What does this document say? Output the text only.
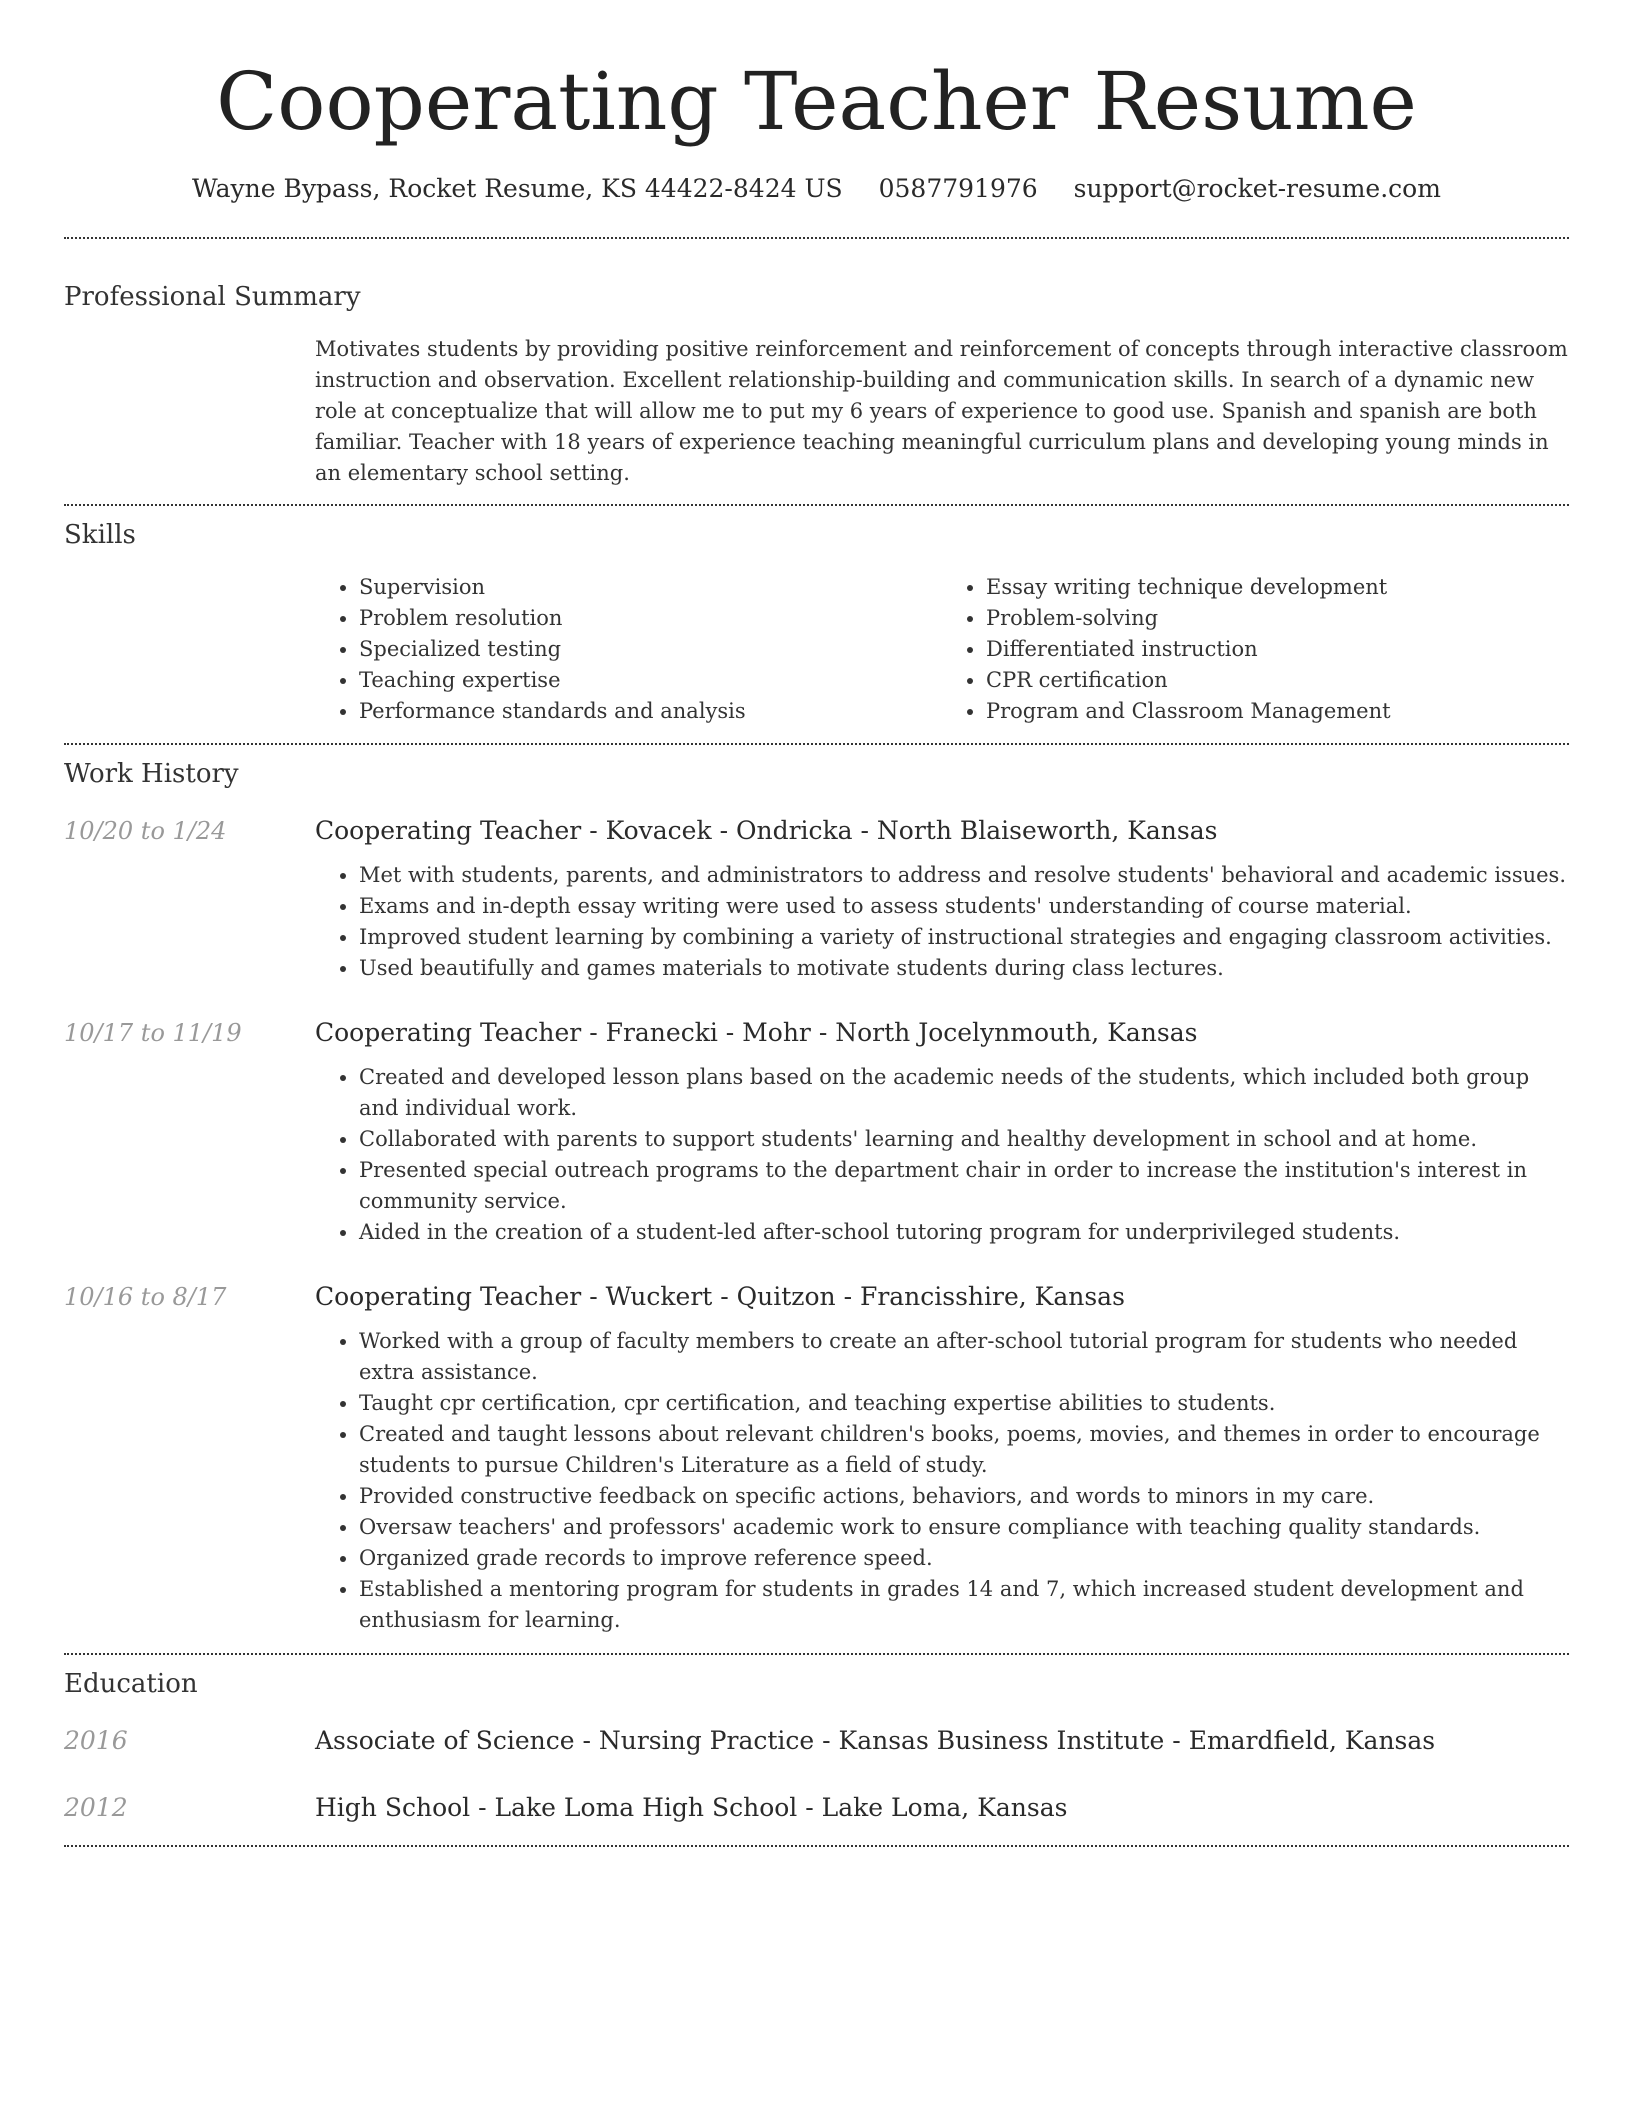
Cooperating Teacher Resume
Wayne Bypass, Rocket Resume, KS 44422-8424 US 0587791976 support@rocket-resume.com
Professional Summary
Motivates students by providing positive reinforcement and reinforcement of concepts through interactive classroom instruction and observation. Excellent relationship-building and communication skills. In search of a dynamic new role at conceptualize that will allow me to put my 6 years of experience to good use. Spanish and spanish are both familiar. Teacher with 18 years of experience teaching meaningful curriculum plans and developing young minds in an elementary school setting.
Skills
• Supervision
• Problem resolution
• Specialized testing
• Teaching expertise
• Performance standards and analysis
• Essay writing technique development
• Problem-solving
• Differentiated instruction
• CPR certification
• Program and Classroom Management
Work History
10/20 to 1/24	Cooperating Teacher - Kovacek - Ondricka - North Blaiseworth, Kansas
• Met with students, parents, and administrators to address and resolve students' behavioral and academic issues.
• Exams and in-depth essay writing were used to assess students' understanding of course material.
• Improved student learning by combining a variety of instructional strategies and engaging classroom activities.
• Used beautifully and games materials to motivate students during class lectures.
10/17 to 11/19	Cooperating Teacher - Franecki - Mohr - North Jocelynmouth, Kansas
• Created and developed lesson plans based on the academic needs of the students, which included both group and individual work.
• Collaborated with parents to support students' learning and healthy development in school and at home.
• Presented special outreach programs to the department chair in order to increase the institution's interest in community service.
• Aided in the creation of a student-led after-school tutoring program for underprivileged students.
10/16 to 8/17	Cooperating Teacher - Wuckert - Quitzon - Francisshire, Kansas
• Worked with a group of faculty members to create an after-school tutorial program for students who needed extra assistance.
• Taught cpr certification, cpr certification, and teaching expertise abilities to students.
• Created and taught lessons about relevant children's books, poems, movies, and themes in order to encourage students to pursue Children's Literature as a field of study.
• Provided constructive feedback on specific actions, behaviors, and words to minors in my care.
• Oversaw teachers' and professors' academic work to ensure compliance with teaching quality standards.
• Organized grade records to improve reference speed.
• Established a mentoring program for students in grades 14 and 7, which increased student development and enthusiasm for learning.
Education
2016	Associate of Science - Nursing Practice - Kansas Business Institute - Emardfield, Kansas
2012	High School - Lake Loma High School - Lake Loma, Kansas
